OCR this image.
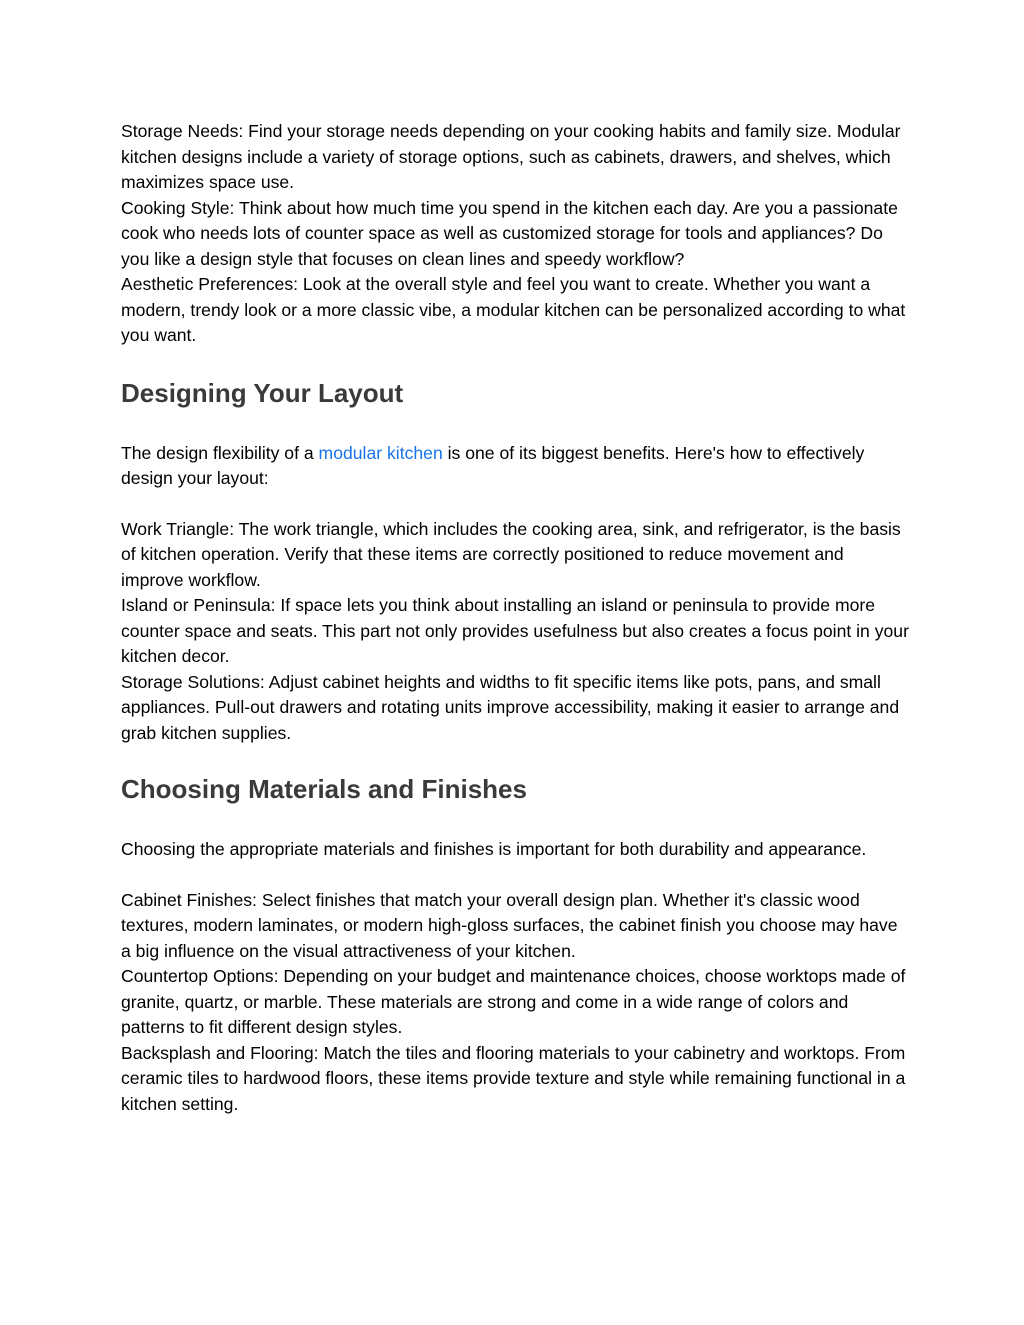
Storage Needs: Find your storage needs depending on your cooking habits and family size. Modular kitchen designs include a variety of storage options, such as cabinets, drawers, and shelves, which maximizes space use.

Cooking Style: Think about how much time you spend in the kitchen each day. Are you a passionate cook who needs lots of counter space as well as customized storage for tools and appliances? Do you like a design style that focuses on clean lines and speedy workflow?

Aesthetic Preferences: Look at the overall style and feel you want to create. Whether you want a modern, trendy look or a more classic vibe, a modular kitchen can be personalized according to what you want.

Designing Your Layout

The design flexibility of a modular kitchen is one of its biggest benefits. Here's how to effectively design your layout:

Work Triangle: The work triangle, which includes the cooking area, sink, and refrigerator, is the basis of kitchen operation. Verify that these items are correctly positioned to reduce movement and improve workflow.

Island or Peninsula: If space lets you think about installing an island or peninsula to provide more counter space and seats. This part not only provides usefulness but also creates a focus point in your kitchen decor.

Storage Solutions: Adjust cabinet heights and widths to fit specific items like pots, pans, and small appliances. Pull-out drawers and rotating units improve accessibility, making it easier to arrange and grab kitchen supplies.

Choosing Materials and Finishes

Choosing the appropriate materials and finishes is important for both durability and appearance.

Cabinet Finishes: Select finishes that match your overall design plan. Whether it's classic wood textures, modern laminates, or modern high-gloss surfaces, the cabinet finish you choose may have a big influence on the visual attractiveness of your kitchen.

Countertop Options: Depending on your budget and maintenance choices, choose worktops made of granite, quartz, or marble. These materials are strong and come in a wide range of colors and patterns to fit different design styles.

Backsplash and Flooring: Match the tiles and flooring materials to your cabinetry and worktops. From ceramic tiles to hardwood floors, these items provide texture and style while remaining functional in a kitchen setting.
